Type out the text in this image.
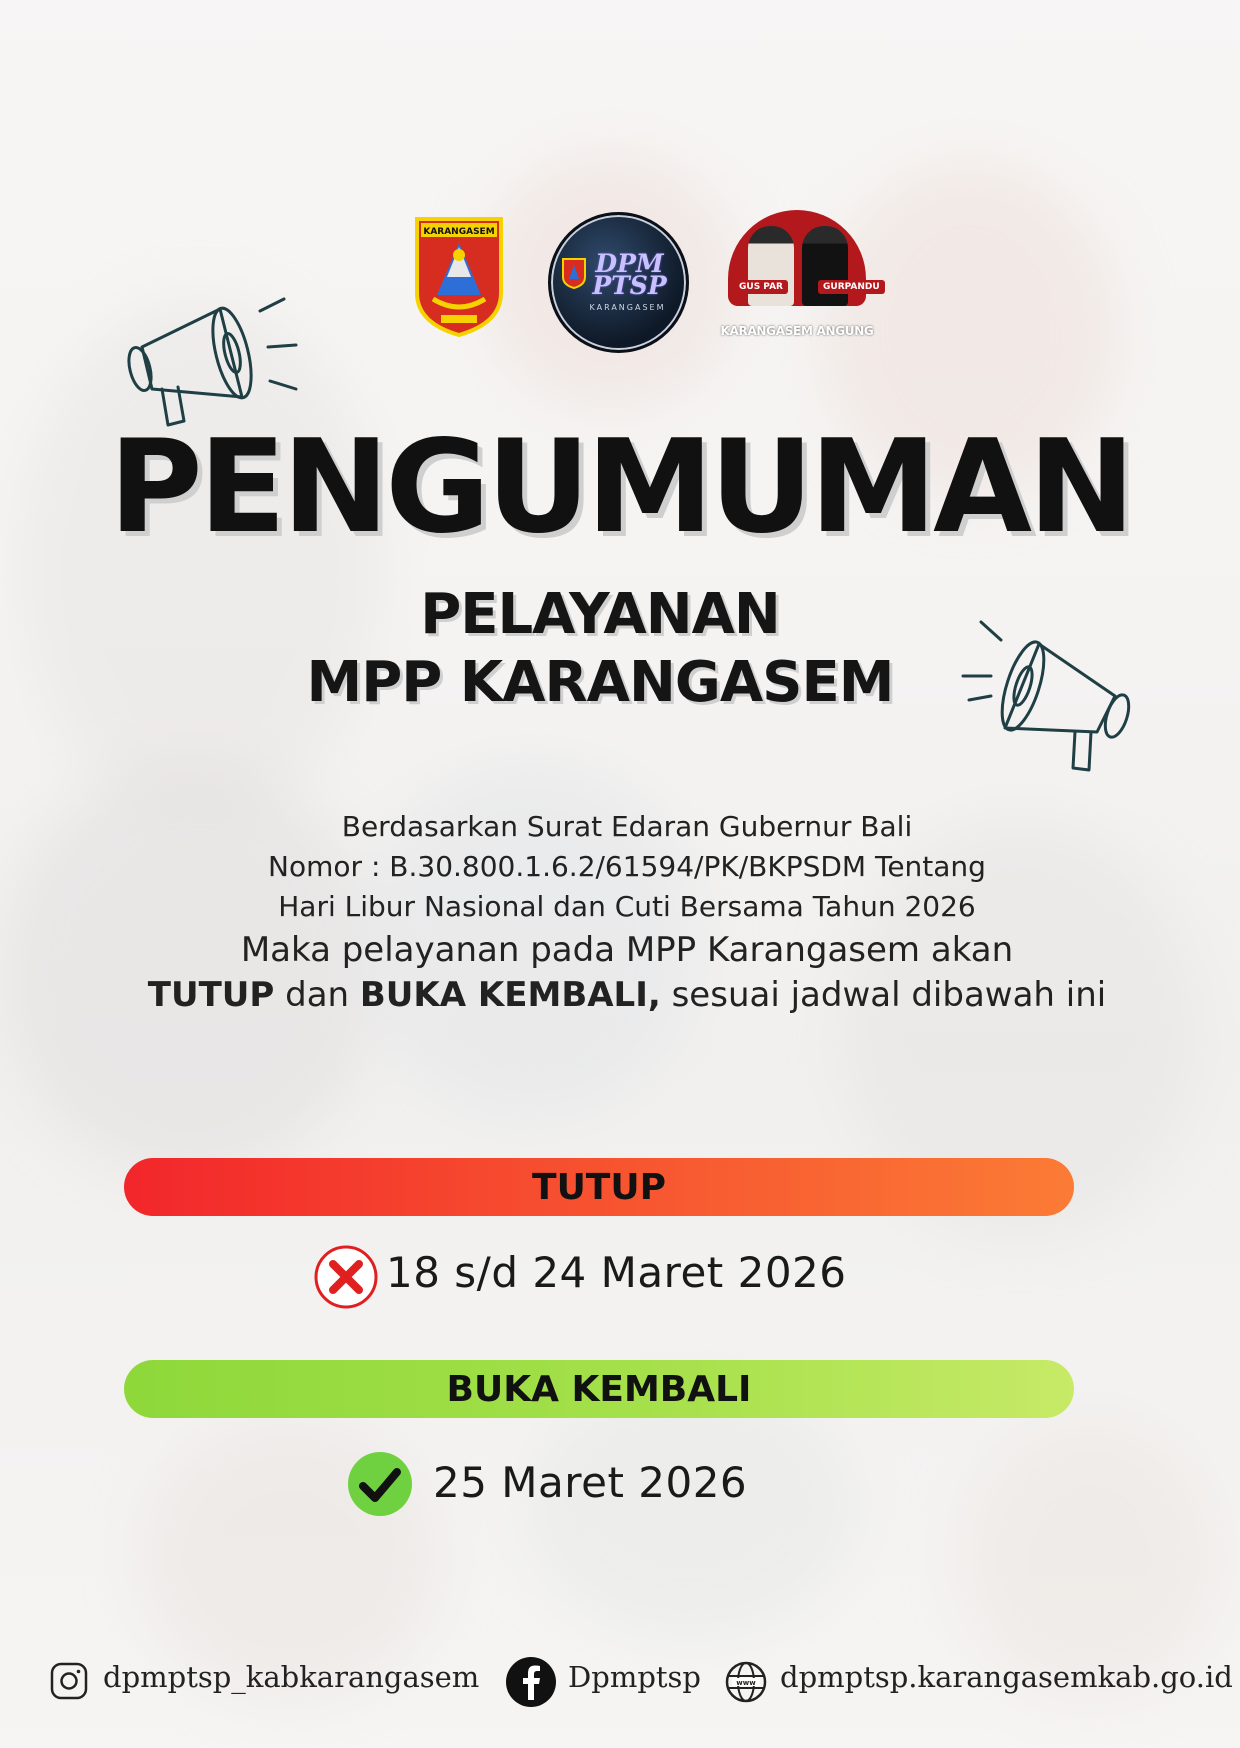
KARANGASEM
DPM
PTSP
KARANGASEM
GUS PAR	GURPANDU
KARANGASEM ANGUNG
PENGUMUMAN
PELAYANAN
MPP KARANGASEM
Berdasarkan Surat Edaran Gubernur Bali
Nomor : B.30.800.1.6.2/61594/PK/BKPSDM Tentang
Hari Libur Nasional dan Cuti Bersama Tahun 2026
Maka pelayanan pada MPP Karangasem akan
TUTUP dan BUKA KEMBALI, sesuai jadwal dibawah ini
TUTUP
18 s/d 24 Maret 2026
BUKA KEMBALI
25 Maret 2026
dpmptsp_kabkarangasem	Dpmptsp	www dpmptsp.karangasemkab.go.id
